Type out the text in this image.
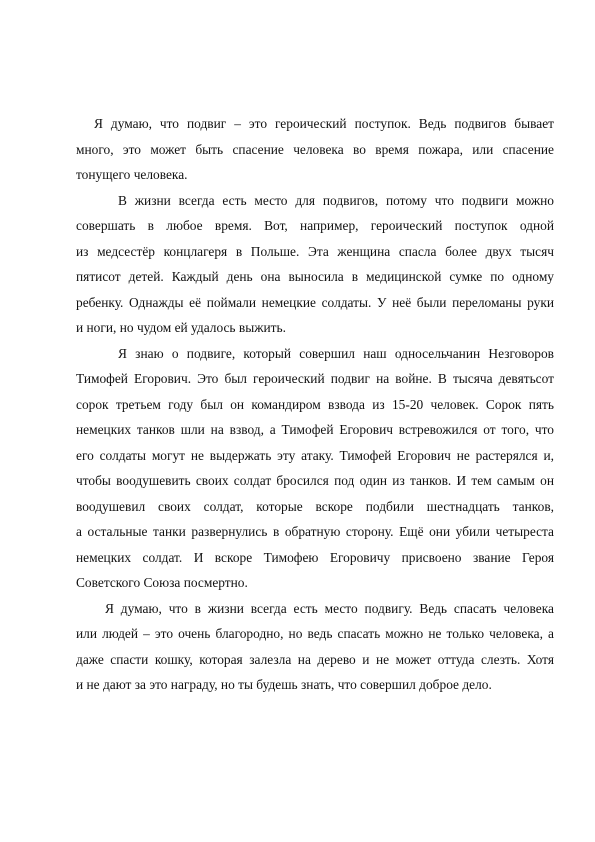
Я думаю, что подвиг – это героический поступок. Ведь подвигов бывает
много, это может быть спасение человека во время пожара, или спасение
тонущего человека.

В жизни всегда есть место для подвигов, потому что подвиги можно
совершать в любое время. Вот, например, героический поступок одной
из медсестёр концлагеря в Польше. Эта женщина спасла более двух тысяч
пятисот детей. Каждый день она выносила в медицинской сумке по одному
ребенку. Однажды её поймали немецкие солдаты. У неё были переломаны руки
и ноги, но чудом ей удалось выжить.

Я знаю о подвиге, который совершил наш односельчанин Незговоров
Тимофей Егорович. Это был героический подвиг на войне. В тысяча девятьсот
сорок третьем году был он командиром взвода из 15-20 человек. Сорок пять
немецких танков шли на взвод, а Тимофей Егорович встревожился от того, что
его солдаты могут не выдержать эту атаку. Тимофей Егорович не растерялся и,
чтобы воодушевить своих солдат бросился под один из танков. И тем самым он
воодушевил своих солдат, которые вскоре подбили шестнадцать танков,
а остальные танки развернулись в обратную сторону. Ещё они убили четыреста
немецких солдат. И вскоре Тимофею Егоровичу присвоено звание Героя
Советского Союза посмертно.

Я думаю, что в жизни всегда есть место подвигу. Ведь спасать человека
или людей – это очень благородно, но ведь спасать можно не только человека, а
даже спасти кошку, которая залезла на дерево и не может оттуда слезть. Хотя
и не дают за это награду, но ты будешь знать, что совершил доброе дело.
